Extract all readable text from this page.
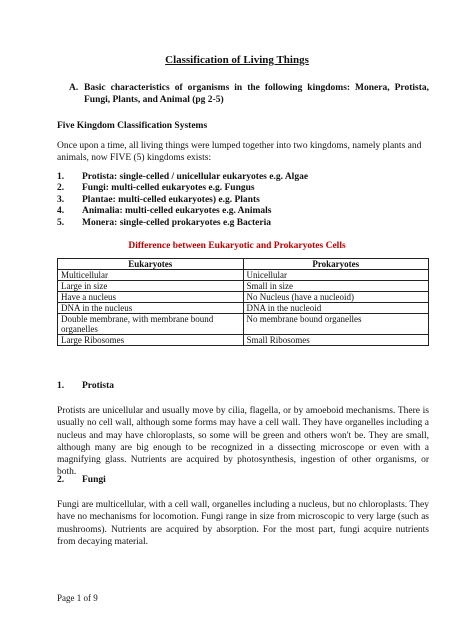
Classification of Living Things
A. Basic characteristics of organisms in the following kingdoms: Monera, Protista, Fungi, Plants, and Animal (pg 2-5)
Five Kingdom Classification Systems
Once upon a time, all living things were lumped together into two kingdoms, namely plants and animals, now FIVE (5) kingdoms exists:
1. Protista: single-celled / unicellular eukaryotes e.g. Algae
2. Fungi: multi-celled eukaryotes e.g. Fungus
3. Plantae: multi-celled eukaryotes) e.g. Plants
4. Animalia: multi-celled eukaryotes e.g. Animals
5. Monera: single-celled prokaryotes e.g Bacteria
Difference between Eukaryotic and Prokaryotes Cells
Eukaryotes	Prokaryotes
Multicellular	Unicellular
Large in size	Small in size
Have a nucleus	No Nucleus (have a nucleoid)
DNA in the nucleus	DNA in the nucleoid
Double membrane, with membrane bound organelles	No membrane bound organelles
Large Ribosomes	Small Ribosomes
1. Protista
Protists are unicellular and usually move by cilia, flagella, or by amoeboid mechanisms. There is usually no cell wall, although some forms may have a cell wall. They have organelles including a nucleus and may have chloroplasts, so some will be green and others won't be. They are small, although many are big enough to be recognized in a dissecting microscope or even with a magnifying glass. Nutrients are acquired by photosynthesis, ingestion of other organisms, or both.
2. Fungi
Fungi are multicellular, with a cell wall, organelles including a nucleus, but no chloroplasts. They have no mechanisms for locomotion. Fungi range in size from microscopic to very large (such as mushrooms). Nutrients are acquired by absorption. For the most part, fungi acquire nutrients from decaying material.
Page 1 of 9
